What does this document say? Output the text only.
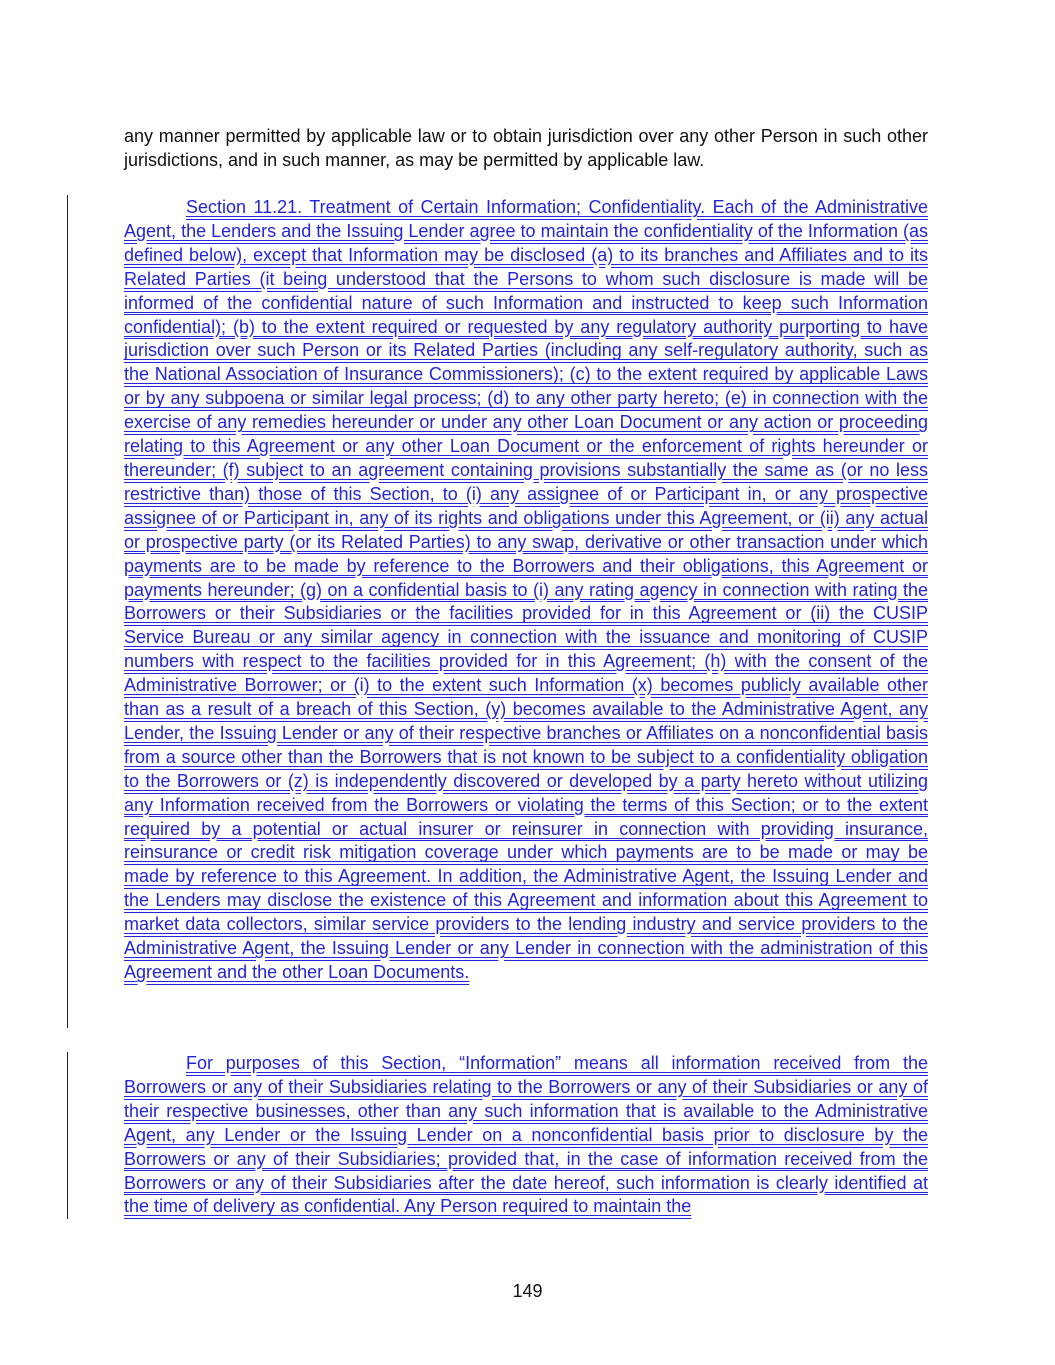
any manner permitted by applicable law or to obtain jurisdiction over any other Person in such other jurisdictions, and in such manner, as may be permitted by applicable law.

Section 11.21. Treatment of Certain Information; Confidentiality. Each of the Administrative Agent, the Lenders and the Issuing Lender agree to maintain the confidentiality of the Information (as defined below), except that Information may be disclosed (a) to its branches and Affiliates and to its Related Parties (it being understood that the Persons to whom such disclosure is made will be informed of the confidential nature of such Information and instructed to keep such Information confidential); (b) to the extent required or requested by any regulatory authority purporting to have jurisdiction over such Person or its Related Parties (including any self-regulatory authority, such as the National Association of Insurance Commissioners); (c) to the extent required by applicable Laws or by any subpoena or similar legal process; (d) to any other party hereto; (e) in connection with the exercise of any remedies hereunder or under any other Loan Document or any action or proceeding relating to this Agreement or any other Loan Document or the enforcement of rights hereunder or thereunder; (f) subject to an agreement containing provisions substantially the same as (or no less restrictive than) those of this Section, to (i) any assignee of or Participant in, or any prospective assignee of or Participant in, any of its rights and obligations under this Agreement, or (ii) any actual or prospective party (or its Related Parties) to any swap, derivative or other transaction under which payments are to be made by reference to the Borrowers and their obligations, this Agreement or payments hereunder; (g) on a confidential basis to (i) any rating agency in connection with rating the Borrowers or their Subsidiaries or the facilities provided for in this Agreement or (ii) the CUSIP Service Bureau or any similar agency in connection with the issuance and monitoring of CUSIP numbers with respect to the facilities provided for in this Agreement; (h) with the consent of the Administrative Borrower; or (i) to the extent such Information (x) becomes publicly available other than as a result of a breach of this Section, (y) becomes available to the Administrative Agent, any Lender, the Issuing Lender or any of their respective branches or Affiliates on a nonconfidential basis from a source other than the Borrowers that is not known to be subject to a confidentiality obligation to the Borrowers or (z) is independently discovered or developed by a party hereto without utilizing any Information received from the Borrowers or violating the terms of this Section; or to the extent required by a potential or actual insurer or reinsurer in connection with providing insurance, reinsurance or credit risk mitigation coverage under which payments are to be made or may be made by reference to this Agreement. In addition, the Administrative Agent, the Issuing Lender and the Lenders may disclose the existence of this Agreement and information about this Agreement to market data collectors, similar service providers to the lending industry and service providers to the Administrative Agent, the Issuing Lender or any Lender in connection with the administration of this Agreement and the other Loan Documents.

For purposes of this Section, “Information” means all information received from the Borrowers or any of their Subsidiaries relating to the Borrowers or any of their Subsidiaries or any of their respective businesses, other than any such information that is available to the Administrative Agent, any Lender or the Issuing Lender on a nonconfidential basis prior to disclosure by the Borrowers or any of their Subsidiaries; provided that, in the case of information received from the Borrowers or any of their Subsidiaries after the date hereof, such information is clearly identified at the time of delivery as confidential. Any Person required to maintain the

149
